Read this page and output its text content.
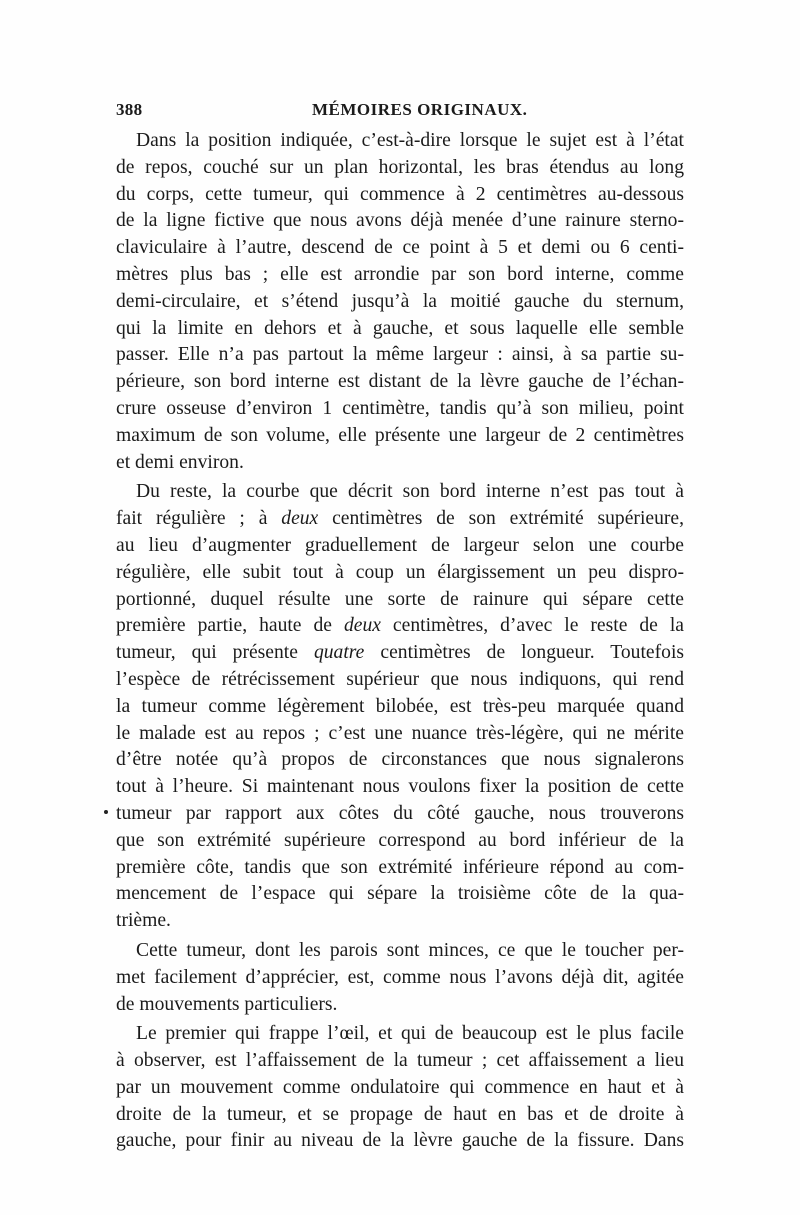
388	MÉMOIRES ORIGINAUX.
Dans la position indiquée, c’est-à-dire lorsque le sujet est à l’état
de repos, couché sur un plan horizontal, les bras étendus au long
du corps, cette tumeur, qui commence à 2 centimètres au-dessous
de la ligne fictive que nous avons déjà menée d’une rainure sterno-
claviculaire à l’autre, descend de ce point à 5 et demi ou 6 centi-
mètres plus bas ; elle est arrondie par son bord interne, comme
demi-circulaire, et s’étend jusqu’à la moitié gauche du sternum,
qui la limite en dehors et à gauche, et sous laquelle elle semble
passer. Elle n’a pas partout la même largeur : ainsi, à sa partie su-
périeure, son bord interne est distant de la lèvre gauche de l’échan-
crure osseuse d’environ 1 centimètre, tandis qu’à son milieu, point
maximum de son volume, elle présente une largeur de 2 centimètres
et demi environ.
Du reste, la courbe que décrit son bord interne n’est pas tout à
fait régulière ; à deux centimètres de son extrémité supérieure,
au lieu d’augmenter graduellement de largeur selon une courbe
régulière, elle subit tout à coup un élargissement un peu dispro-
portionné, duquel résulte une sorte de rainure qui sépare cette
première partie, haute de deux centimètres, d’avec le reste de la
tumeur, qui présente quatre centimètres de longueur. Toutefois
l’espèce de rétrécissement supérieur que nous indiquons, qui rend
la tumeur comme légèrement bilobée, est très-peu marquée quand
le malade est au repos ; c’est une nuance très-légère, qui ne mérite
d’être notée qu’à propos de circonstances que nous signalerons
tout à l’heure. Si maintenant nous voulons fixer la position de cette
tumeur par rapport aux côtes du côté gauche, nous trouverons
que son extrémité supérieure correspond au bord inférieur de la
première côte, tandis que son extrémité inférieure répond au com-
mencement de l’espace qui sépare la troisième côte de la qua-
trième.
Cette tumeur, dont les parois sont minces, ce que le toucher per-
met facilement d’apprécier, est, comme nous l’avons déjà dit, agitée
de mouvements particuliers.
Le premier qui frappe l’œil, et qui de beaucoup est le plus facile
à observer, est l’affaissement de la tumeur ; cet affaissement a lieu
par un mouvement comme ondulatoire qui commence en haut et à
droite de la tumeur, et se propage de haut en bas et de droite à
gauche, pour finir au niveau de la lèvre gauche de la fissure. Dans
